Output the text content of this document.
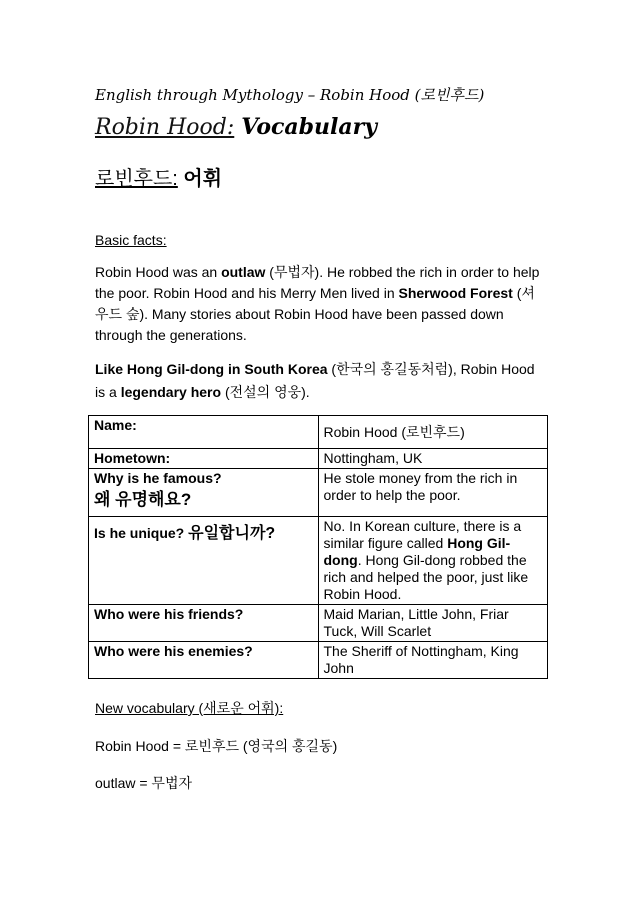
English through Mythology – Robin Hood (로빈후드)
Robin Hood: Vocabulary
로빈후드: 어휘
Basic facts:
Robin Hood was an outlaw (무법자). He robbed the rich in order to help the poor. Robin Hood and his Merry Men lived in Sherwood Forest (셔우드 숲). Many stories about Robin Hood have been passed down through the generations.
Like Hong Gil-dong in South Korea (한국의 홍길동처럼), Robin Hood is a legendary hero (전설의 영웅).
Name:	Robin Hood (로빈후드)
Hometown:	Nottingham, UK
Why is he famous?
왜 유명해요?	He stole money from the rich in order to help the poor.
Is he unique? 유일합니까?	No. In Korean culture, there is a similar figure called Hong Gil-dong. Hong Gil-dong robbed the rich and helped the poor, just like Robin Hood.
Who were his friends?	Maid Marian, Little John, Friar Tuck, Will Scarlet
Who were his enemies?	The Sheriff of Nottingham, King John
New vocabulary (새로운 어휘):
Robin Hood = 로빈후드 (영국의 홍길동)
outlaw = 무법자
